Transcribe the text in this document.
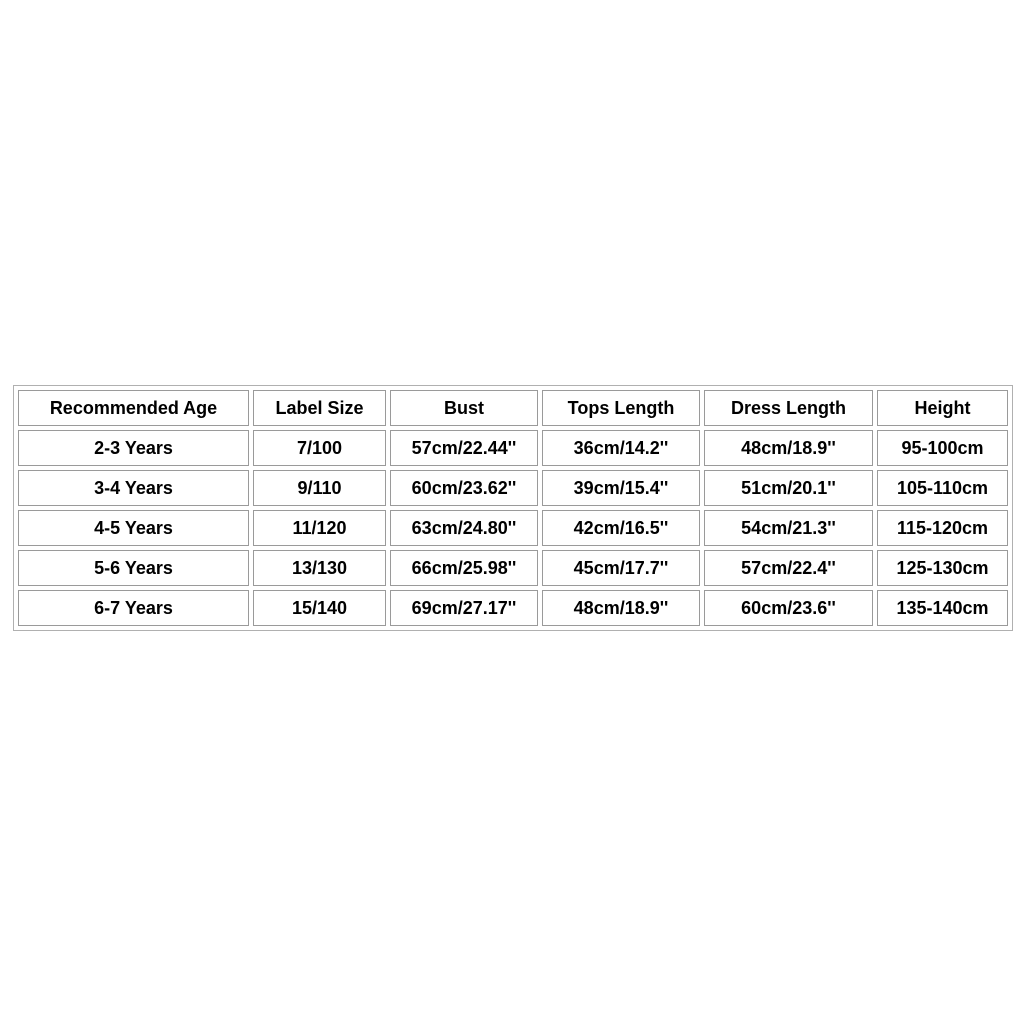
Recommended Age	Label Size	Bust	Tops Length	Dress Length	Height
2-3 Years	7/100	57cm/22.44''	36cm/14.2''	48cm/18.9''	95-100cm
3-4 Years	9/110	60cm/23.62''	39cm/15.4''	51cm/20.1''	105-110cm
4-5 Years	11/120	63cm/24.80''	42cm/16.5''	54cm/21.3''	115-120cm
5-6 Years	13/130	66cm/25.98''	45cm/17.7''	57cm/22.4''	125-130cm
6-7 Years	15/140	69cm/27.17''	48cm/18.9''	60cm/23.6''	135-140cm
